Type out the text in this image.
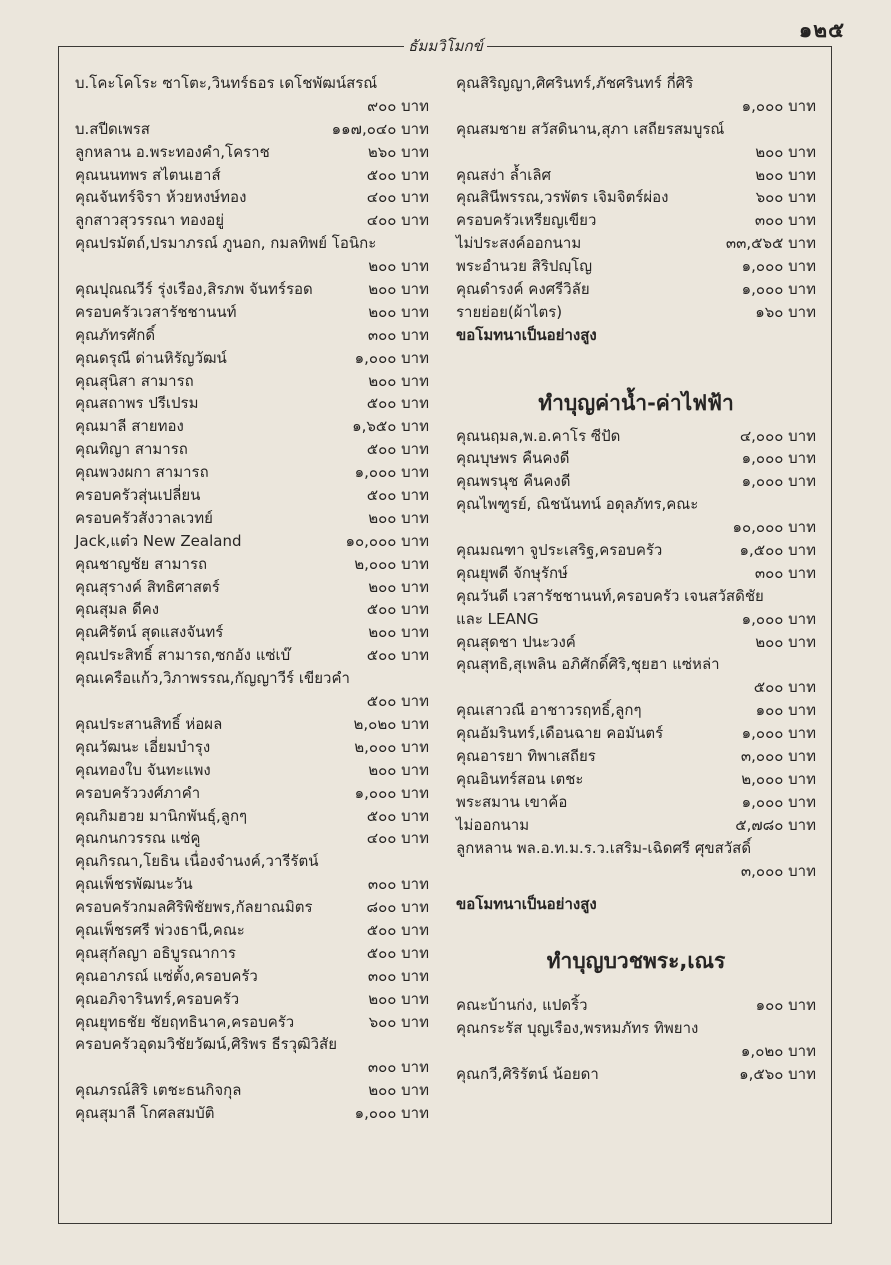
๑๒๕
ธัมมวิโมกข์
บ.โคะโคโระ ซาโตะ,วินทร์ธอร เดโชพัฒน์สรณ์
๙๐๐ บาท
บ.สปีดเพรส	๑๑๗,๐๔๐ บาท
ลูกหลาน อ.พระทองคำ,โคราช	๒๖๐ บาท
คุณนนทพร สไตนเฮาส์	๕๐๐ บาท
คุณจันทร์จิรา ห้วยหงษ์ทอง	๔๐๐ บาท
ลูกสาวสุวรรณา ทองอยู่	๔๐๐ บาท
คุณปรมัตถ์,ปรมาภรณ์ ภูนอก, กมลทิพย์ โอนิกะ
๒๐๐ บาท
คุณปุณณวีร์ รุ่งเรือง,สิรภพ จันทร์รอด	๒๐๐ บาท
ครอบครัวเวสารัชชานนท์	๒๐๐ บาท
คุณภัทรศักดิ์	๓๐๐ บาท
คุณดรุณี ด่านหิรัญวัฒน์	๑,๐๐๐ บาท
คุณสุนิสา สามารถ	๒๐๐ บาท
คุณสถาพร ปรีเปรม	๕๐๐ บาท
คุณมาลี สายทอง	๑,๖๕๐ บาท
คุณทิญา สามารถ	๕๐๐ บาท
คุณพวงผกา สามารถ	๑,๐๐๐ บาท
ครอบครัวสุ่นเปลี่ยน	๕๐๐ บาท
ครอบครัวสังวาลเวทย์	๒๐๐ บาท
Jack,แต๋ว New Zealand	๑๐,๐๐๐ บาท
คุณชาญชัย สามารถ	๒,๐๐๐ บาท
คุณสุรางค์ สิทธิศาสตร์	๒๐๐ บาท
คุณสุมล ดีคง	๕๐๐ บาท
คุณศิรัตน์ สุดแสงจันทร์	๒๐๐ บาท
คุณประสิทธิ์ สามารถ,ซกอัง แซ่เบ๊	๕๐๐ บาท
คุณเครือแก้ว,วิภาพรรณ,กัญญาวีร์ เขียวคำ
๕๐๐ บาท
คุณประสานสิทธิ์ ห่อผล	๒,๐๒๐ บาท
คุณวัฒนะ เอี่ยมบำรุง	๒,๐๐๐ บาท
คุณทองใบ จันทะแพง	๒๐๐ บาท
ครอบครัววงศ์ภาคำ	๑,๐๐๐ บาท
คุณกิมฮวย มานิกพันธุ์,ลูกๆ	๕๐๐ บาท
คุณกนกวรรณ แซ่คู	๔๐๐ บาท
คุณกิรณา,โยธิน เนื่องจำนงค์,วารีรัตน์
คุณเพ็ชรพัฒนะวัน	๓๐๐ บาท
ครอบครัวกมลศิริพิชัยพร,กัลยาณมิตร	๘๐๐ บาท
คุณเพ็ชรศรี พ่วงธานี,คณะ	๕๐๐ บาท
คุณสุกัลญา อธิบูรณาการ	๕๐๐ บาท
คุณอาภรณ์ แซ่ตั้ง,ครอบครัว	๓๐๐ บาท
คุณอภิจารินทร์,ครอบครัว	๒๐๐ บาท
คุณยุทธชัย ชัยฤทธินาค,ครอบครัว	๖๐๐ บาท
ครอบครัวอุดมวิชัยวัฒน์,ศิริพร ธีรวุฒิวิสัย
๓๐๐ บาท
คุณภรณ์สิริ เตชะธนกิจกุล	๒๐๐ บาท
คุณสุมาลี โกศลสมบัติ	๑,๐๐๐ บาท
คุณสิริญญา,ศิศรินทร์,ภัชศรินทร์ กี่ศิริ
๑,๐๐๐ บาท
คุณสมชาย สวัสดินาน,สุภา เสถียรสมบูรณ์
๒๐๐ บาท
คุณสง่า ล้ำเลิศ	๒๐๐ บาท
คุณสินีพรรณ,วรพัตร เจิมจิตร์ผ่อง	๖๐๐ บาท
ครอบครัวเหรียญเขียว	๓๐๐ บาท
ไม่ประสงค์ออกนาม	๓๓,๕๖๕ บาท
พระอำนวย สิริปญฺโญ	๑,๐๐๐ บาท
คุณดำรงค์ คงศรีวิลัย	๑,๐๐๐ บาท
รายย่อย(ผ้าไตร)	๑๖๐ บาท
ขอโมทนาเป็นอย่างสูง
ทำบุญค่าน้ำ-ค่าไฟฟ้า
คุณนฤมล,พ.อ.คาโร ซีปัด	๔,๐๐๐ บาท
คุณบุษพร คืนคงดี	๑,๐๐๐ บาท
คุณพรนุช คืนคงดี	๑,๐๐๐ บาท
คุณไพฑูรย์, ณิชนันทน์ อดุลภัทร,คณะ
๑๐,๐๐๐ บาท
คุณมณฑา จูประเสริฐ,ครอบครัว	๑,๕๐๐ บาท
คุณยุพดี จักษุรักษ์	๓๐๐ บาท
คุณวันดี เวสารัชชานนท์,ครอบครัว เจนสวัสดิชัย
และ LEANG	๑,๐๐๐ บาท
คุณสุดชา ปนะวงค์	๒๐๐ บาท
คุณสุทธิ,สุเพลิน อภิศักดิ์ศิริ,ชุยฮา แซ่หล่า
๕๐๐ บาท
คุณเสาวณี อาชาวรฤทธิ์,ลูกๆ	๑๐๐ บาท
คุณอัมรินทร์,เดือนฉาย คอมันตร์	๑,๐๐๐ บาท
คุณอารยา ทิพาเสถียร	๓,๐๐๐ บาท
คุณอินทร์สอน เตชะ	๒,๐๐๐ บาท
พระสมาน เขาค้อ	๑,๐๐๐ บาท
ไม่ออกนาม	๕,๗๘๐ บาท
ลูกหลาน พล.อ.ท.ม.ร.ว.เสริม-เฉิดศรี ศุขสวัสดิ์
๓,๐๐๐ บาท
ขอโมทนาเป็นอย่างสูง
ทำบุญบวชพระ,เณร
คณะบ้านก่ง, แปดริ้ว	๑๐๐ บาท
คุณกระรัส บุญเรือง,พรหมภัทร ทิพยาง
๑,๐๒๐ บาท
คุณกวี,ศิริรัตน์ น้อยดา	๑,๕๖๐ บาท
